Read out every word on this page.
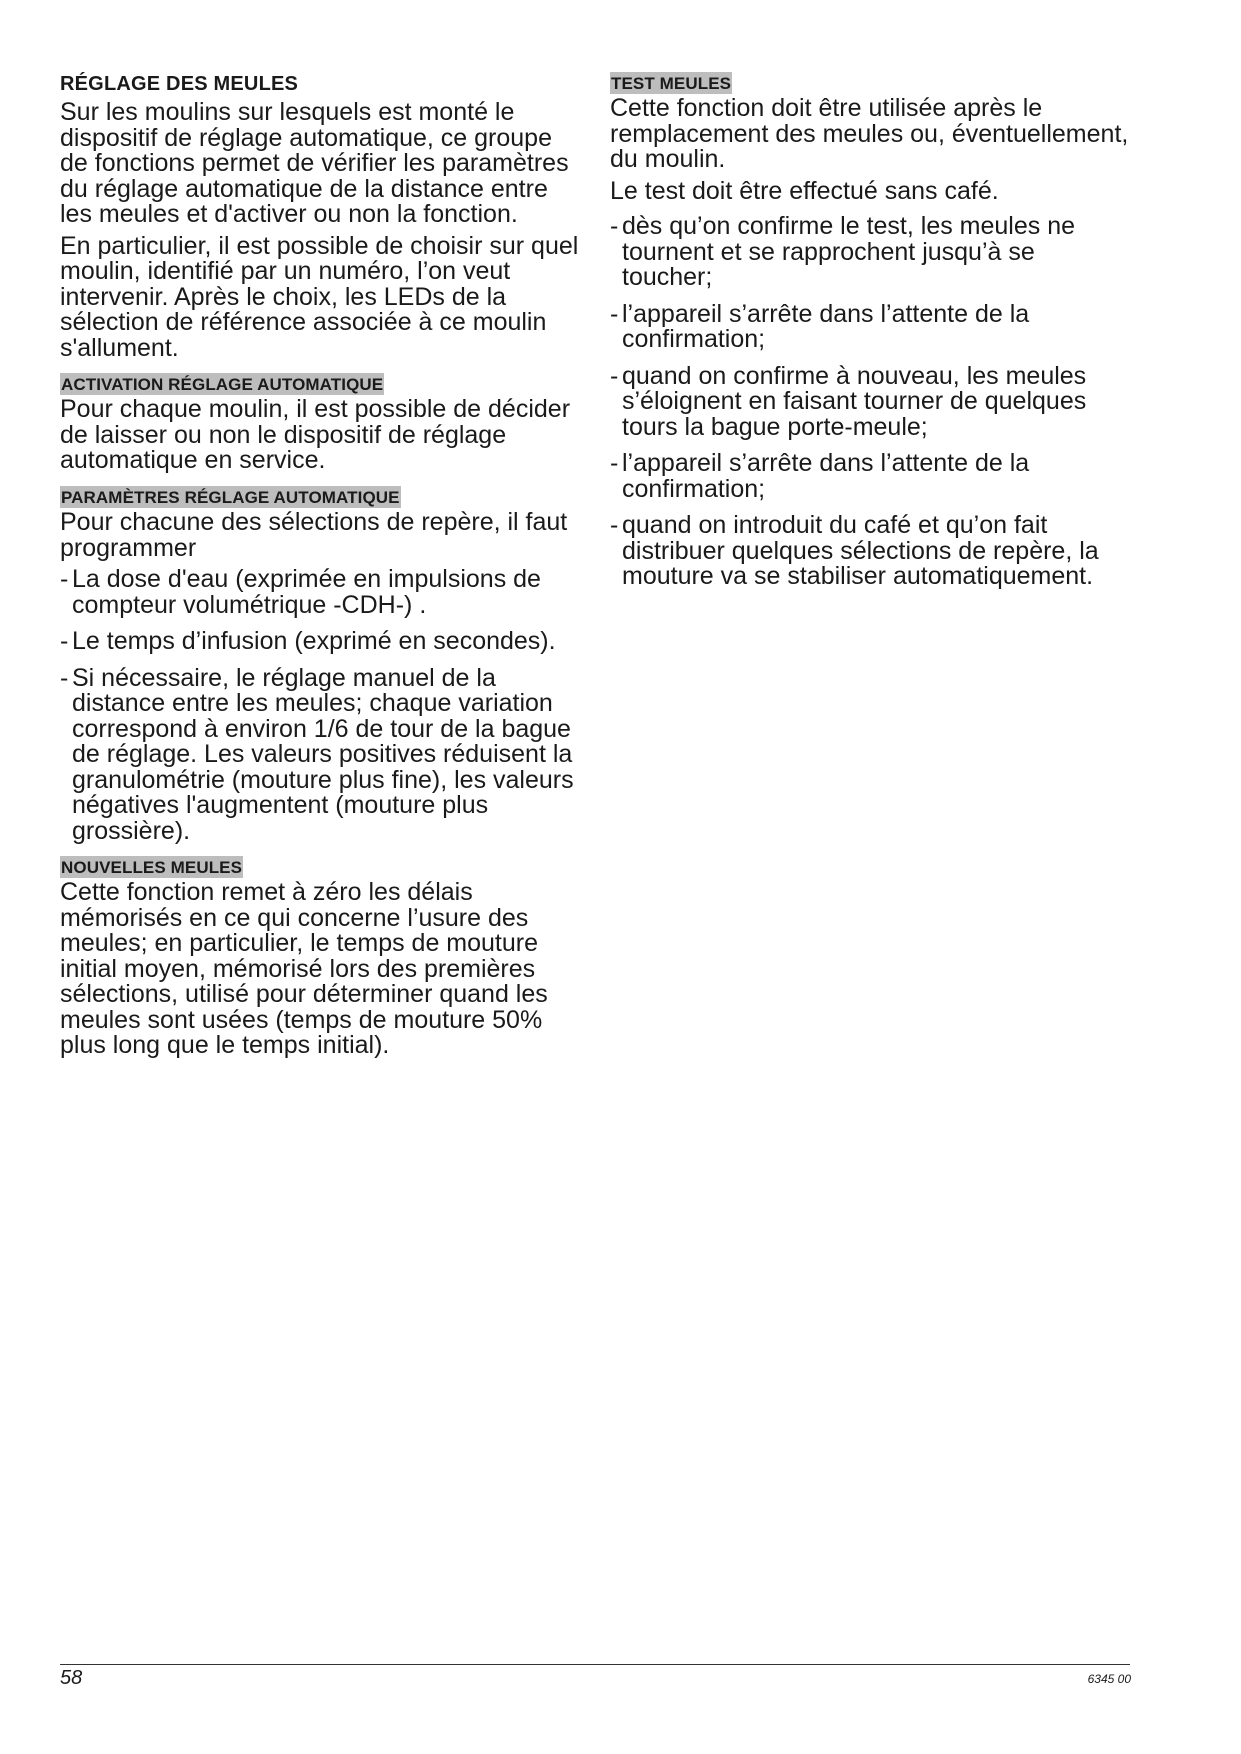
RÉGLAGE DES MEULES

Sur les moulins sur lesquels est monté le dispositif de réglage automatique, ce groupe de fonctions permet de vérifier les paramètres du réglage automatique de la distance entre les meules et d'activer ou non la fonction.

En particulier, il est possible de choisir sur quel moulin, identifié par un numéro, l’on veut intervenir. Après le choix, les LEDs de la sélection de référence associée à ce moulin s'allument.

ACTIVATION RÉGLAGE AUTOMATIQUE

Pour chaque moulin, il est possible de décider de laisser ou non le dispositif de réglage automatique en service.

PARAMÈTRES RÉGLAGE AUTOMATIQUE

Pour chacune des sélections de repère, il faut programmer

- La dose d'eau (exprimée en impulsions de compteur volumétrique -CDH-) .
- Le temps d’infusion (exprimé en secondes).
- Si nécessaire, le réglage manuel de la distance entre les meules; chaque variation correspond à environ 1/6 de tour de la bague de réglage. Les valeurs positives réduisent la granulométrie (mouture plus fine), les valeurs négatives l'augmentent (mouture plus grossière).
NOUVELLES MEULES

Cette fonction remet à zéro les délais mémorisés en ce qui concerne l’usure des meules; en particulier, le temps de mouture initial moyen, mémorisé lors des premières sélections, utilisé pour déterminer quand les meules sont usées (temps de mouture 50% plus long que le temps initial).

TEST MEULES

Cette fonction doit être utilisée après le remplacement des meules ou, éventuellement, du moulin.

Le test doit être effectué sans café.

- dès qu’on confirme le test, les meules ne tournent et se rapprochent jusqu’à se toucher;
- l’appareil s’arrête dans l’attente de la confirmation;
- quand on confirme à nouveau, les meules s’éloignent en faisant tourner de quelques tours la bague porte-meule;
- l’appareil s’arrête dans l’attente de la confirmation;
- quand on introduit du café et qu’on fait distribuer quelques sélections de repère, la mouture va se stabiliser automatiquement.
58	6345 00
